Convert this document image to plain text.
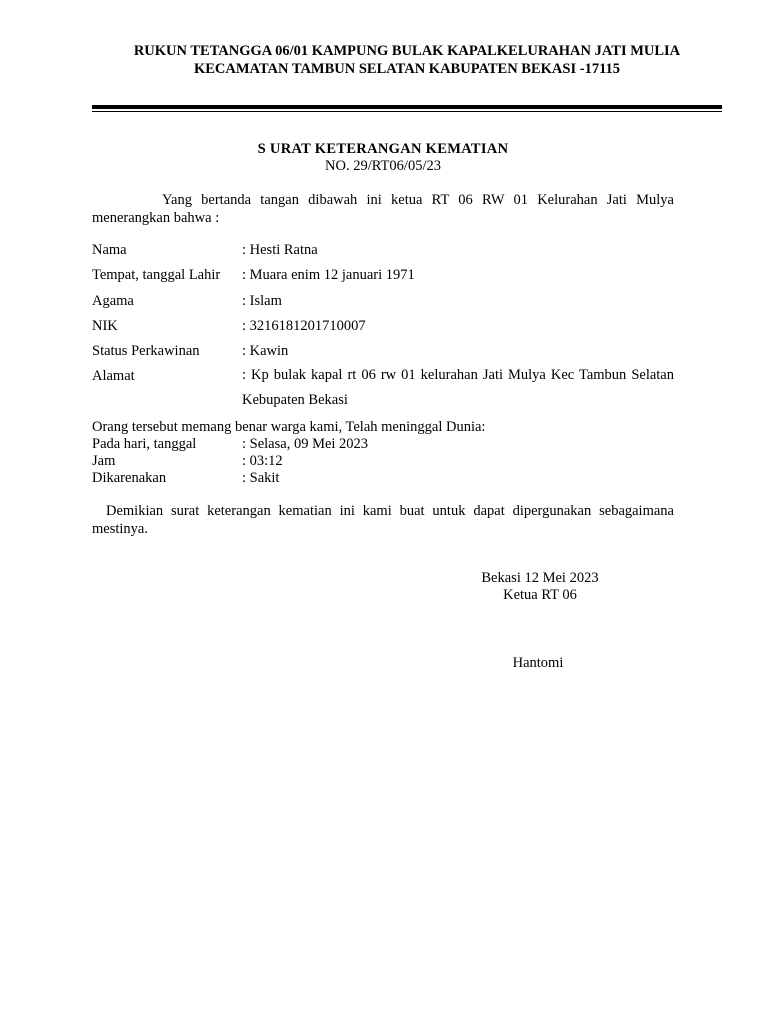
RUKUN TETANGGA 06/01 KAMPUNG BULAK KAPALKELURAHAN JATI MULIA
KECAMATAN TAMBUN SELATAN KABUPATEN BEKASI -17115
S URAT KETERANGAN KEMATIAN
NO. 29/RT06/05/23
Yang bertanda tangan dibawah ini ketua RT 06 RW 01 Kelurahan Jati Mulya menerangkan bahwa :
Nama	: Hesti Ratna
Tempat, tanggal Lahir : Muara enim 12 januari 1971
Agama	: Islam
NIK	: 3216181201710007
Status Perkawinan	: Kawin
Alamat	: Kp bulak kapal rt 06 rw 01 kelurahan Jati Mulya Kec Tambun Selatan Kebupaten Bekasi
Orang tersebut memang benar warga kami, Telah meninggal Dunia:
Pada hari, tanggal	: Selasa, 09 Mei 2023
Jam	: 03:12
Dikarenakan	: Sakit
Demikian surat keterangan kematian ini kami buat untuk dapat dipergunakan sebagaimana mestinya.
Bekasi 12 Mei 2023
Ketua RT 06
Hantomi
